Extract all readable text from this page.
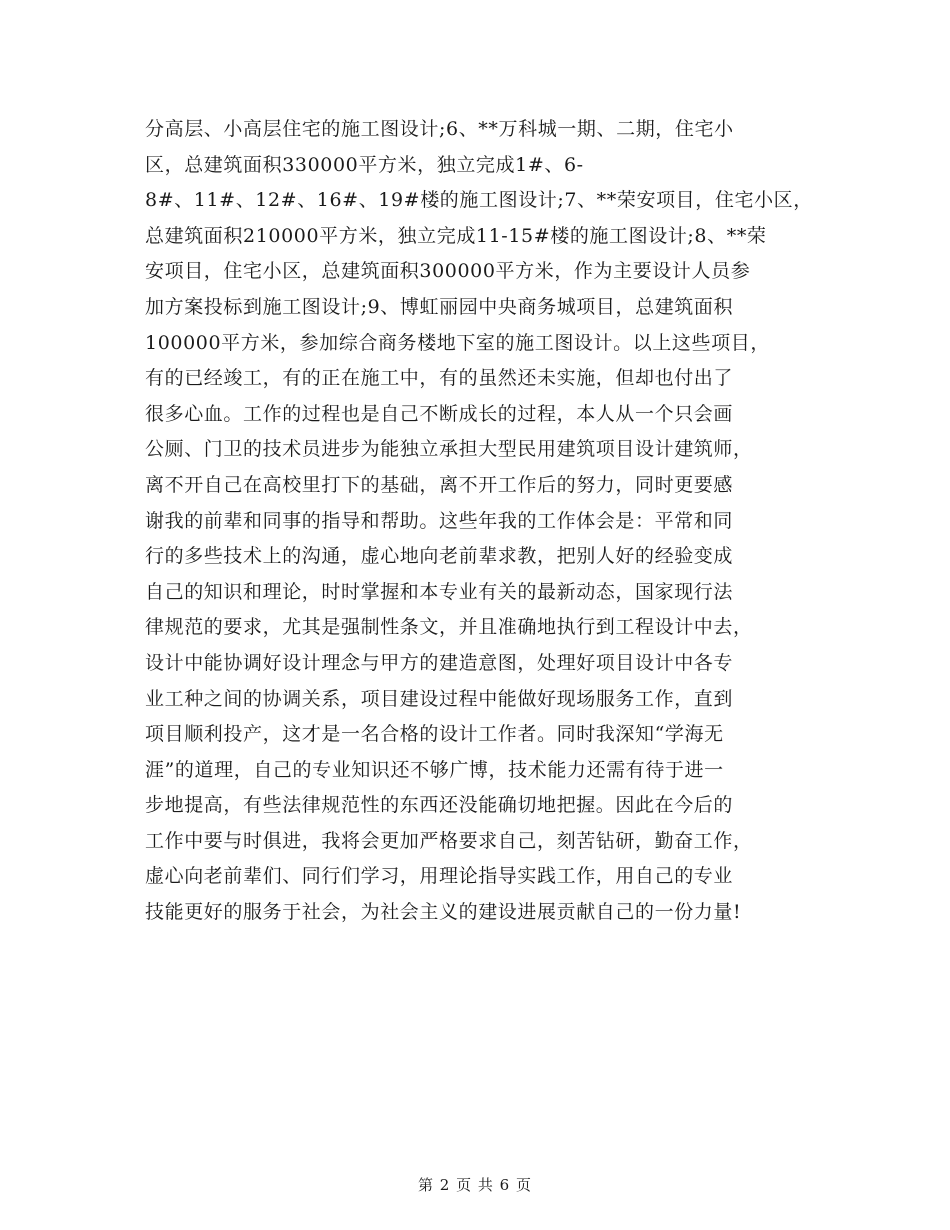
分高层、小高层住宅的施工图设计;6、**万科城一期、二期，住宅小
区，总建筑面积330000平方米，独立完成1#、6-
8#、11#、12#、16#、19#楼的施工图设计;7、**荣安项目，住宅小区，
总建筑面积210000平方米，独立完成11-15#楼的施工图设计;8、**荣
安项目，住宅小区，总建筑面积300000平方米，作为主要设计人员参
加方案投标到施工图设计;9、博虹丽园中央商务城项目，总建筑面积
100000平方米，参加综合商务楼地下室的施工图设计。以上这些项目，
有的已经竣工，有的正在施工中，有的虽然还未实施，但却也付出了
很多心血。工作的过程也是自己不断成长的过程，本人从一个只会画
公厕、门卫的技术员进步为能独立承担大型民用建筑项目设计建筑师，
离不开自己在高校里打下的基础，离不开工作后的努力，同时更要感
谢我的前辈和同事的指导和帮助。这些年我的工作体会是：平常和同
行的多些技术上的沟通，虚心地向老前辈求教，把别人好的经验变成
自己的知识和理论，时时掌握和本专业有关的最新动态，国家现行法
律规范的要求，尤其是强制性条文，并且准确地执行到工程设计中去，
设计中能协调好设计理念与甲方的建造意图，处理好项目设计中各专
业工种之间的协调关系，项目建设过程中能做好现场服务工作，直到
项目顺利投产，这才是一名合格的设计工作者。同时我深知“学海无
涯”的道理，自己的专业知识还不够广博，技术能力还需有待于进一
步地提高，有些法律规范性的东西还没能确切地把握。因此在今后的
工作中要与时俱进，我将会更加严格要求自己，刻苦钻研，勤奋工作，
虚心向老前辈们、同行们学习，用理论指导实践工作，用自己的专业
技能更好的服务于社会，为社会主义的建设进展贡献自己的一份力量!
第 2 页 共 6 页
